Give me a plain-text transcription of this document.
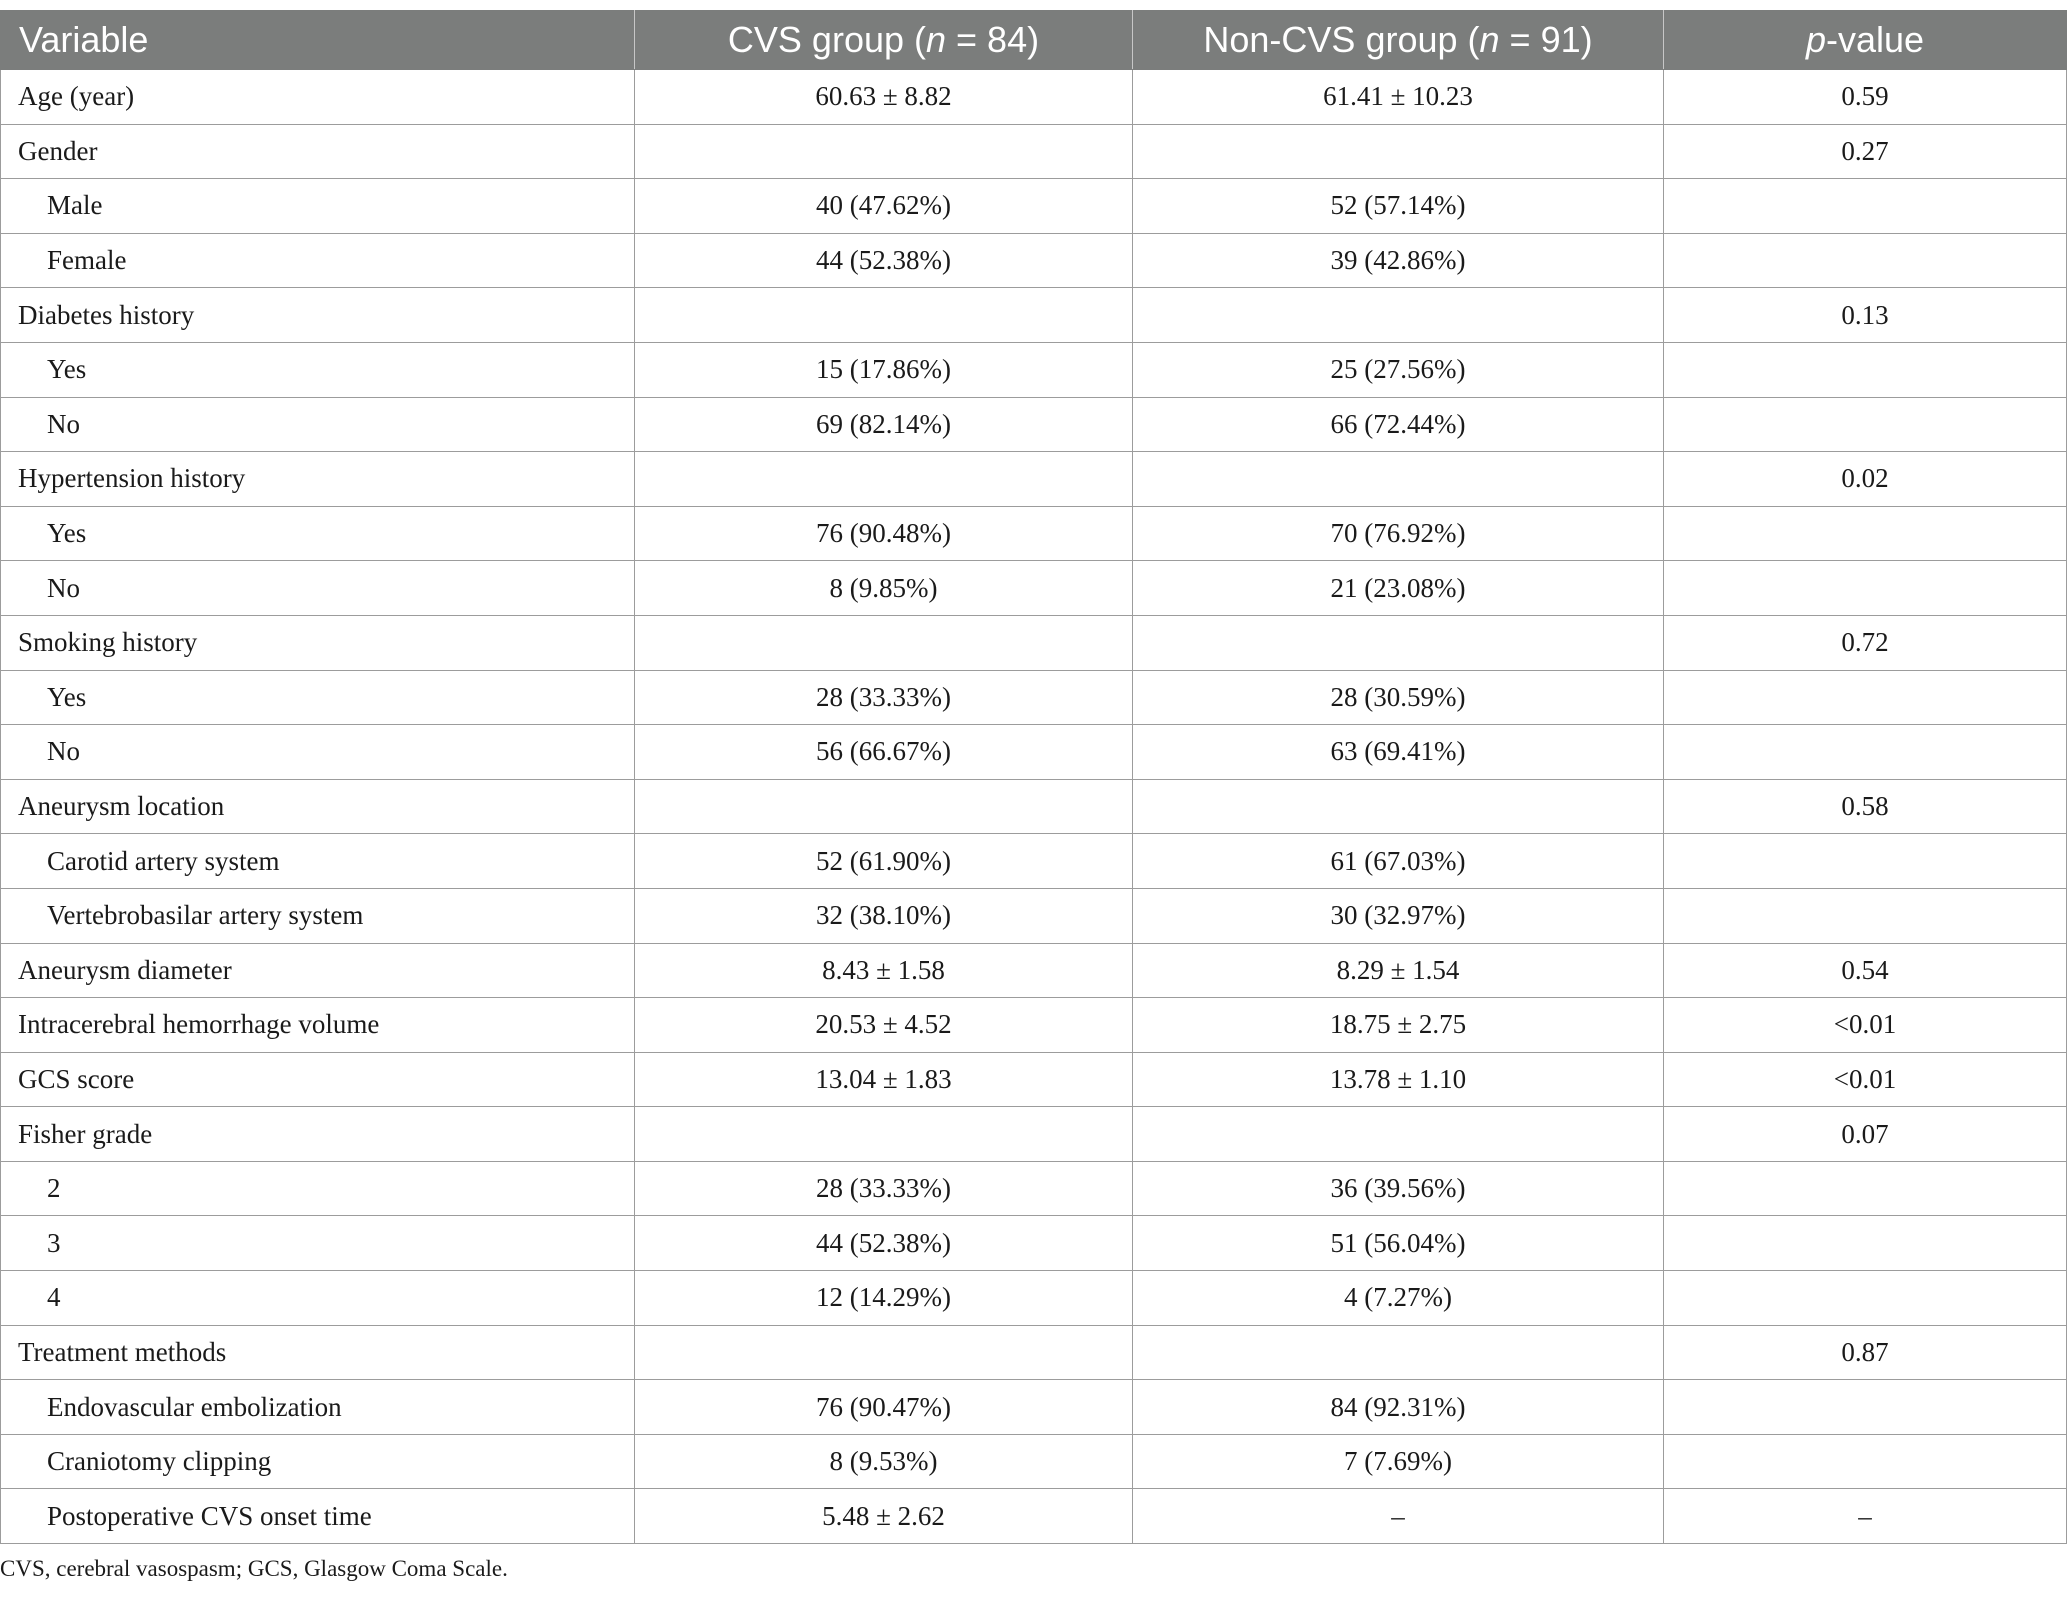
Variable	CVS group (n = 84)	Non-CVS group (n = 91)	p-value
Age (year)	60.63 ± 8.82	61.41 ± 10.23	0.59
Gender			0.27
Male	40 (47.62%)	52 (57.14%)	
Female	44 (52.38%)	39 (42.86%)	
Diabetes history			0.13
Yes	15 (17.86%)	25 (27.56%)	
No	69 (82.14%)	66 (72.44%)	
Hypertension history			0.02
Yes	76 (90.48%)	70 (76.92%)	
No	8 (9.85%)	21 (23.08%)	
Smoking history			0.72
Yes	28 (33.33%)	28 (30.59%)	
No	56 (66.67%)	63 (69.41%)	
Aneurysm location			0.58
Carotid artery system	52 (61.90%)	61 (67.03%)	
Vertebrobasilar artery system	32 (38.10%)	30 (32.97%)	
Aneurysm diameter	8.43 ± 1.58	8.29 ± 1.54	0.54
Intracerebral hemorrhage volume	20.53 ± 4.52	18.75 ± 2.75	<0.01
GCS score	13.04 ± 1.83	13.78 ± 1.10	<0.01
Fisher grade			0.07
2	28 (33.33%)	36 (39.56%)	
3	44 (52.38%)	51 (56.04%)	
4	12 (14.29%)	4 (7.27%)	
Treatment methods			0.87
Endovascular embolization	76 (90.47%)	84 (92.31%)	
Craniotomy clipping	8 (9.53%)	7 (7.69%)	
Postoperative CVS onset time	5.48 ± 2.62	–	–
CVS, cerebral vasospasm; GCS, Glasgow Coma Scale.
